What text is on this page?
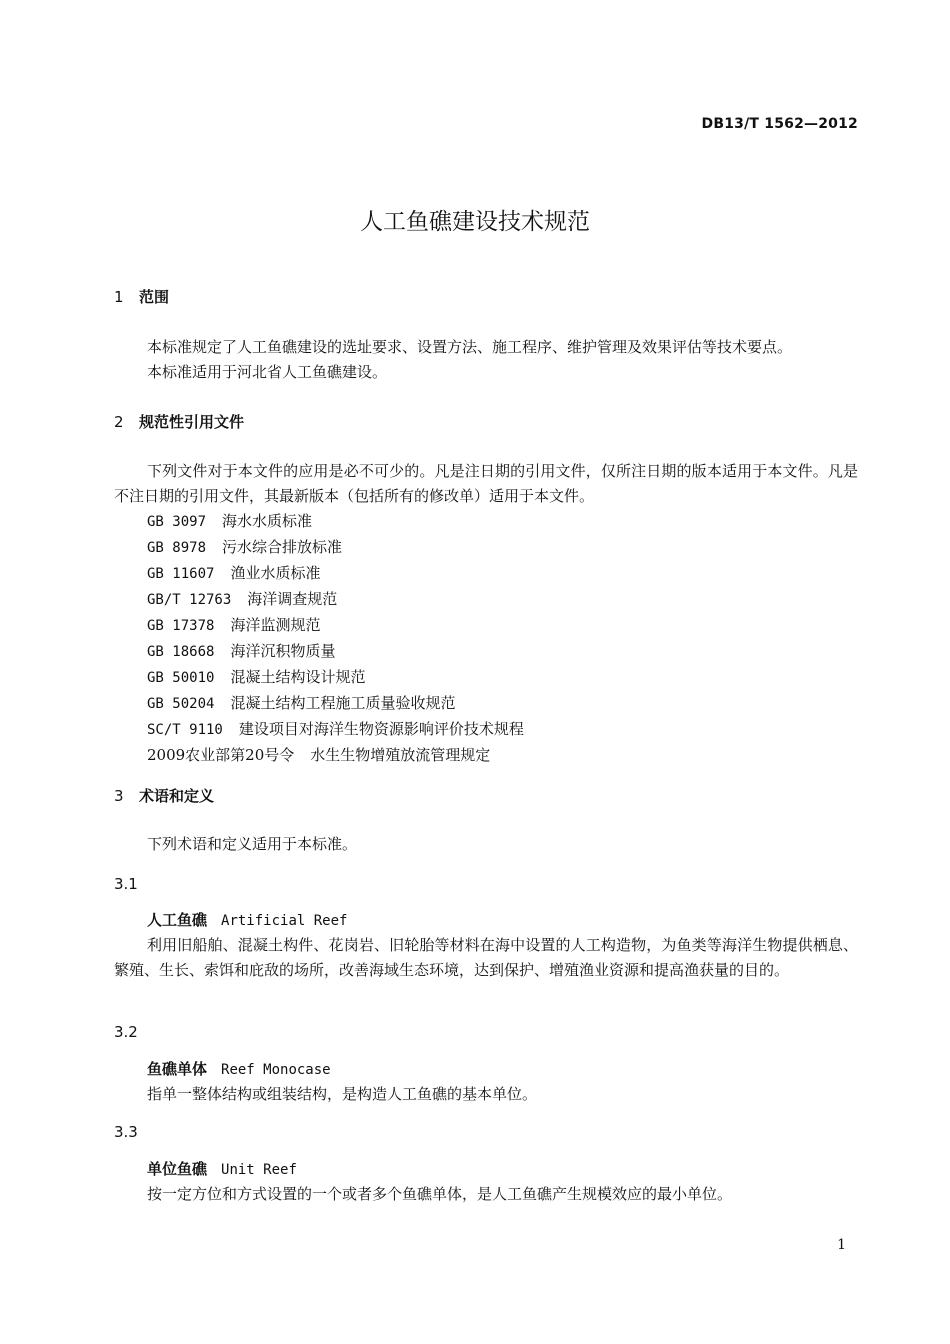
DB13/T 1562—2012
人工鱼礁建设技术规范
1 范围
本标准规定了人工鱼礁建设的选址要求、设置方法、施工程序、维护管理及效果评估等技术要点。
本标准适用于河北省人工鱼礁建设。
2 规范性引用文件
下列文件对于本文件的应用是必不可少的。凡是注日期的引用文件，仅所注日期的版本适用于本文件。凡是不注日期的引用文件，其最新版本（包括所有的修改单）适用于本文件。
GB 3097 海水水质标准
GB 8978 污水综合排放标准
GB 11607 渔业水质标准
GB/T 12763 海洋调查规范
GB 17378 海洋监测规范
GB 18668 海洋沉积物质量
GB 50010 混凝土结构设计规范
GB 50204 混凝土结构工程施工质量验收规范
SC/T 9110 建设项目对海洋生物资源影响评价技术规程
2009农业部第20号令 水生生物增殖放流管理规定
3 术语和定义
下列术语和定义适用于本标准。
3.1
人工鱼礁 Artificial Reef
利用旧船舶、混凝土构件、花岗岩、旧轮胎等材料在海中设置的人工构造物，为鱼类等海洋生物提供栖息、繁殖、生长、索饵和庇敌的场所，改善海域生态环境，达到保护、增殖渔业资源和提高渔获量的目的。
3.2
鱼礁单体 Reef Monocase
指单一整体结构或组装结构，是构造人工鱼礁的基本单位。
3.3
单位鱼礁 Unit Reef
按一定方位和方式设置的一个或者多个鱼礁单体，是人工鱼礁产生规模效应的最小单位。
1
